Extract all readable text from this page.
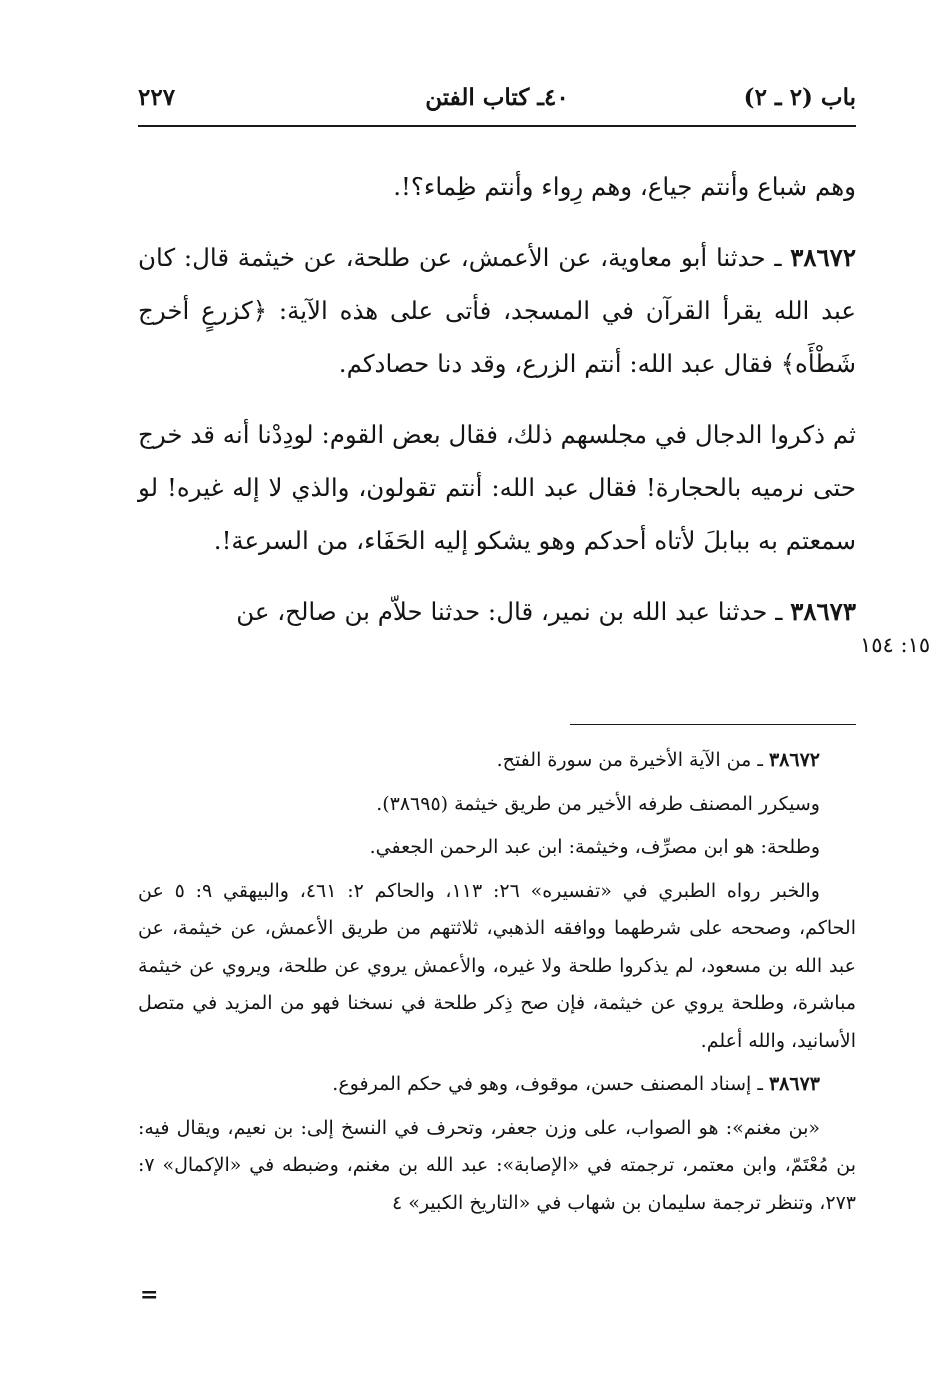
باب (٢ ـ ٢)
٤٠ـ كتاب الفتن
٢٢٧

وهم شباع وأنتم جياع، وهم رِواء وأنتم ظِماء؟!.

٣٨٦٧٢ ـ حدثنا أبو معاوية، عن الأعمش، عن طلحة، عن خيثمة قال: كان عبد الله يقرأ القرآن في المسجد، فأتى على هذه الآية: ﴿كزرعٍ أخرج شَطْأَه﴾ فقال عبد الله: أنتم الزرع، وقد دنا حصادكم.

ثم ذكروا الدجال في مجلسهم ذلك، فقال بعض القوم: لودِدْنا أنه قد خرج حتى نرميه بالحجارة! فقال عبد الله: أنتم تقولون، والذي لا إله غيره! لو سمعتم به ببابلَ لأتاه أحدكم وهو يشكو إليه الحَفَاء، من السرعة!.

٣٨٦٧٣ ـ حدثنا عبد الله بن نمير، قال: حدثنا حلاّم بن صالح، عن

١٥: ١٥٤

٣٨٦٧٢ ـ من الآية الأخيرة من سورة الفتح.

وسيكرر المصنف طرفه الأخير من طريق خيثمة (٣٨٦٩٥).

وطلحة: هو ابن مصرِّف، وخيثمة: ابن عبد الرحمن الجعفي.

والخبر رواه الطبري في «تفسيره» ٢٦: ١١٣، والحاكم ٢: ٤٦١، والبيهقي ٩: ٥ عن الحاكم، وصححه على شرطهما ووافقه الذهبي، ثلاثتهم من طريق الأعمش، عن خيثمة، عن عبد الله بن مسعود، لم يذكروا طلحة ولا غيره، والأعمش يروي عن طلحة، ويروي عن خيثمة مباشرة، وطلحة يروي عن خيثمة، فإن صح ذِكر طلحة في نسخنا فهو من المزيد في متصل الأسانيد، والله أعلم.

٣٨٦٧٣ ـ إسناد المصنف حسن، موقوف، وهو في حكم المرفوع.

«بن مغنم»: هو الصواب، على وزن جعفر، وتحرف في النسخ إلى: بن نعيم، ويقال فيه: بن مُعْتَمّ، وابن معتمر، ترجمته في «الإصابة»: عبد الله بن مغنم، وضبطه في «الإكمال» ٧: ٢٧٣، وتنظر ترجمة سليمان بن شهاب في «التاريخ الكبير» ٤

=
